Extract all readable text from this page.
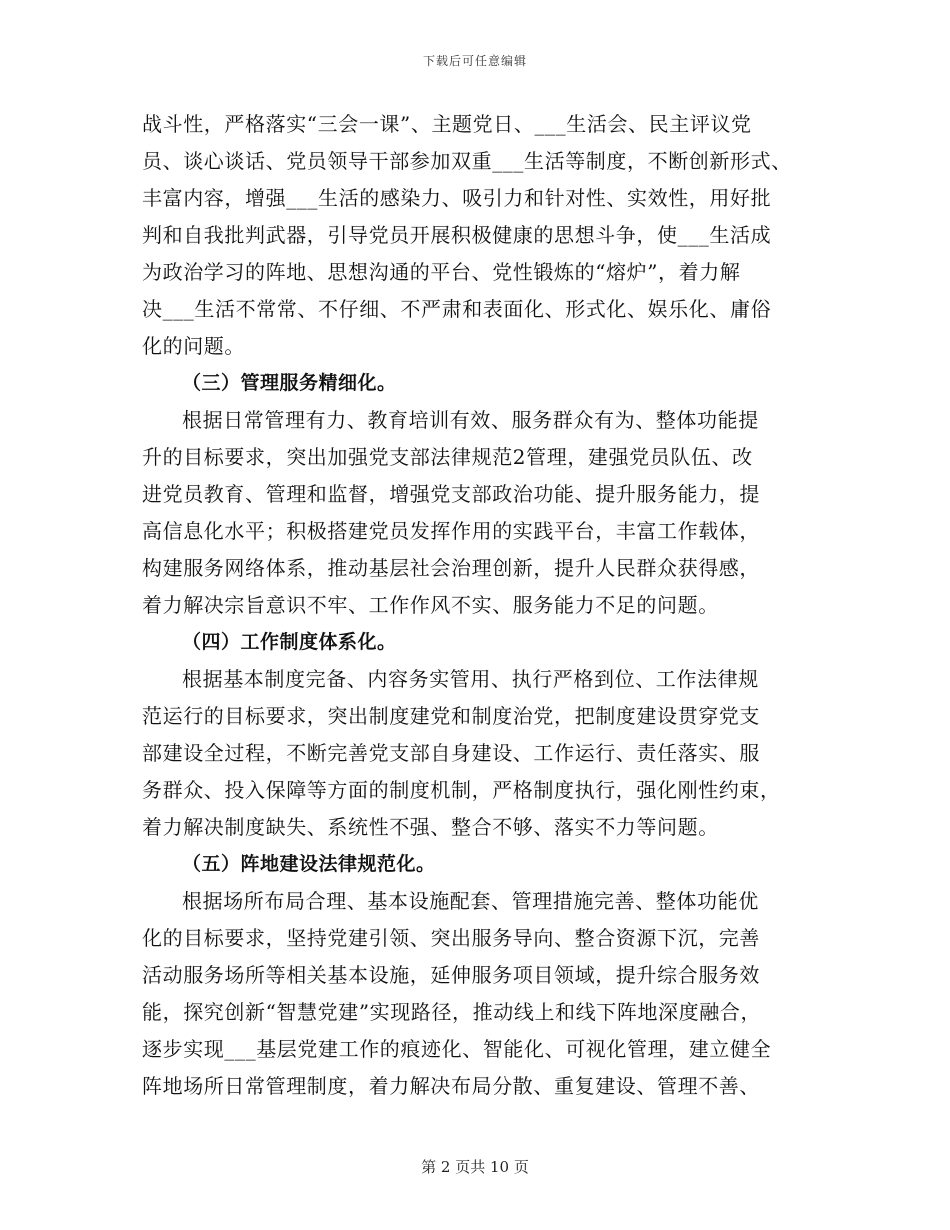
下载后可任意编辑
战斗性，严格落实“三会一课”、主题党日、___生活会、民主评议党
员、谈心谈话、党员领导干部参加双重___生活等制度，不断创新形式、
丰富内容，增强___生活的感染力、吸引力和针对性、实效性，用好批
判和自我批判武器，引导党员开展积极健康的思想斗争，使___生活成
为政治学习的阵地、思想沟通的平台、党性锻炼的“熔炉”，着力解
决___生活不常常、不仔细、不严肃和表面化、形式化、娱乐化、庸俗
化的问题。
（三）管理服务精细化。
根据日常管理有力、教育培训有效、服务群众有为、整体功能提
升的目标要求，突出加强党支部法律规范2管理，建强党员队伍、改
进党员教育、管理和监督，增强党支部政治功能、提升服务能力，提
高信息化水平；积极搭建党员发挥作用的实践平台，丰富工作载体，
构建服务网络体系，推动基层社会治理创新，提升人民群众获得感，
着力解决宗旨意识不牢、工作作风不实、服务能力不足的问题。
（四）工作制度体系化。
根据基本制度完备、内容务实管用、执行严格到位、工作法律规
范运行的目标要求，突出制度建党和制度治党，把制度建设贯穿党支
部建设全过程，不断完善党支部自身建设、工作运行、责任落实、服
务群众、投入保障等方面的制度机制，严格制度执行，强化刚性约束，
着力解决制度缺失、系统性不强、整合不够、落实不力等问题。
（五）阵地建设法律规范化。
根据场所布局合理、基本设施配套、管理措施完善、整体功能优
化的目标要求，坚持党建引领、突出服务导向、整合资源下沉，完善
活动服务场所等相关基本设施，延伸服务项目领域，提升综合服务效
能，探究创新“智慧党建”实现路径，推动线上和线下阵地深度融合，
逐步实现___基层党建工作的痕迹化、智能化、可视化管理，建立健全
阵地场所日常管理制度，着力解决布局分散、重复建设、管理不善、
第 2 页共 10 页
